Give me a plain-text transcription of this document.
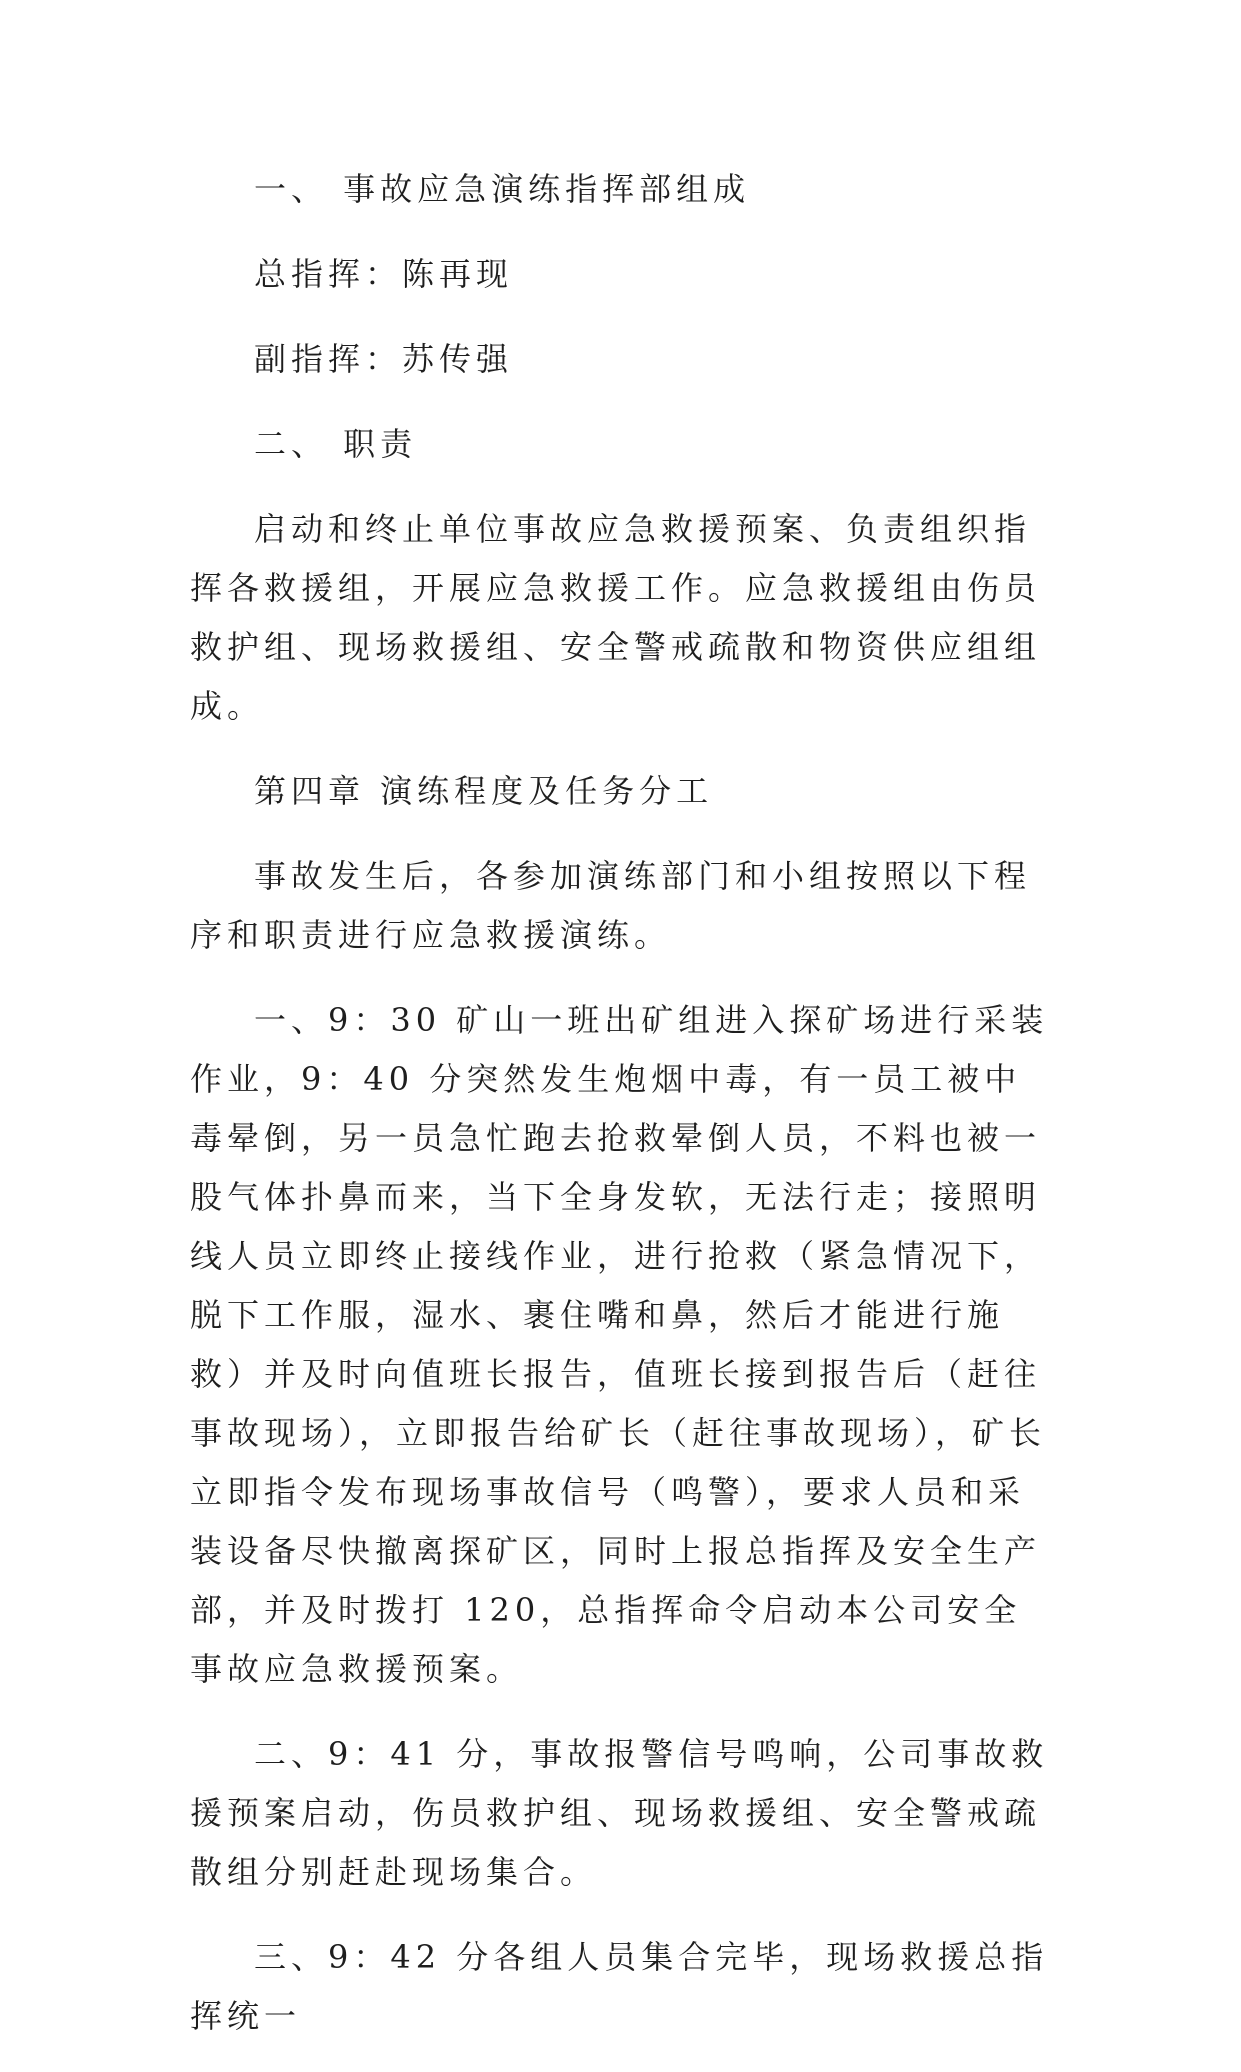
一、 事故应急演练指挥部组成

总指挥：陈再现

副指挥：苏传强

二、 职责

启动和终止单位事故应急救援预案、负责组织指挥各救援组，开展应急救援工作。应急救援组由伤员救护组、现场救援组、安全警戒疏散和物资供应组组成。

第四章 演练程度及任务分工

事故发生后，各参加演练部门和小组按照以下程序和职责进行应急救援演练。

一、9：30 矿山一班出矿组进入探矿场进行采装作业，9：40 分突然发生炮烟中毒，有一员工被中毒晕倒，另一员急忙跑去抢救晕倒人员，不料也被一股气体扑鼻而来，当下全身发软，无法行走；接照明线人员立即终止接线作业，进行抢救（紧急情况下，脱下工作服，湿水、裹住嘴和鼻，然后才能进行施救）并及时向值班长报告，值班长接到报告后（赶往事故现场），立即报告给矿长（赶往事故现场），矿长立即指令发布现场事故信号（鸣警），要求人员和采装设备尽快撤离探矿区，同时上报总指挥及安全生产部，并及时拨打 120，总指挥命令启动本公司安全事故应急救援预案。

二、9：41 分，事故报警信号鸣响，公司事故救援预案启动，伤员救护组、现场救援组、安全警戒疏散组分别赶赴现场集合。

三、9：42 分各组人员集合完毕，现场救援总指挥统一
